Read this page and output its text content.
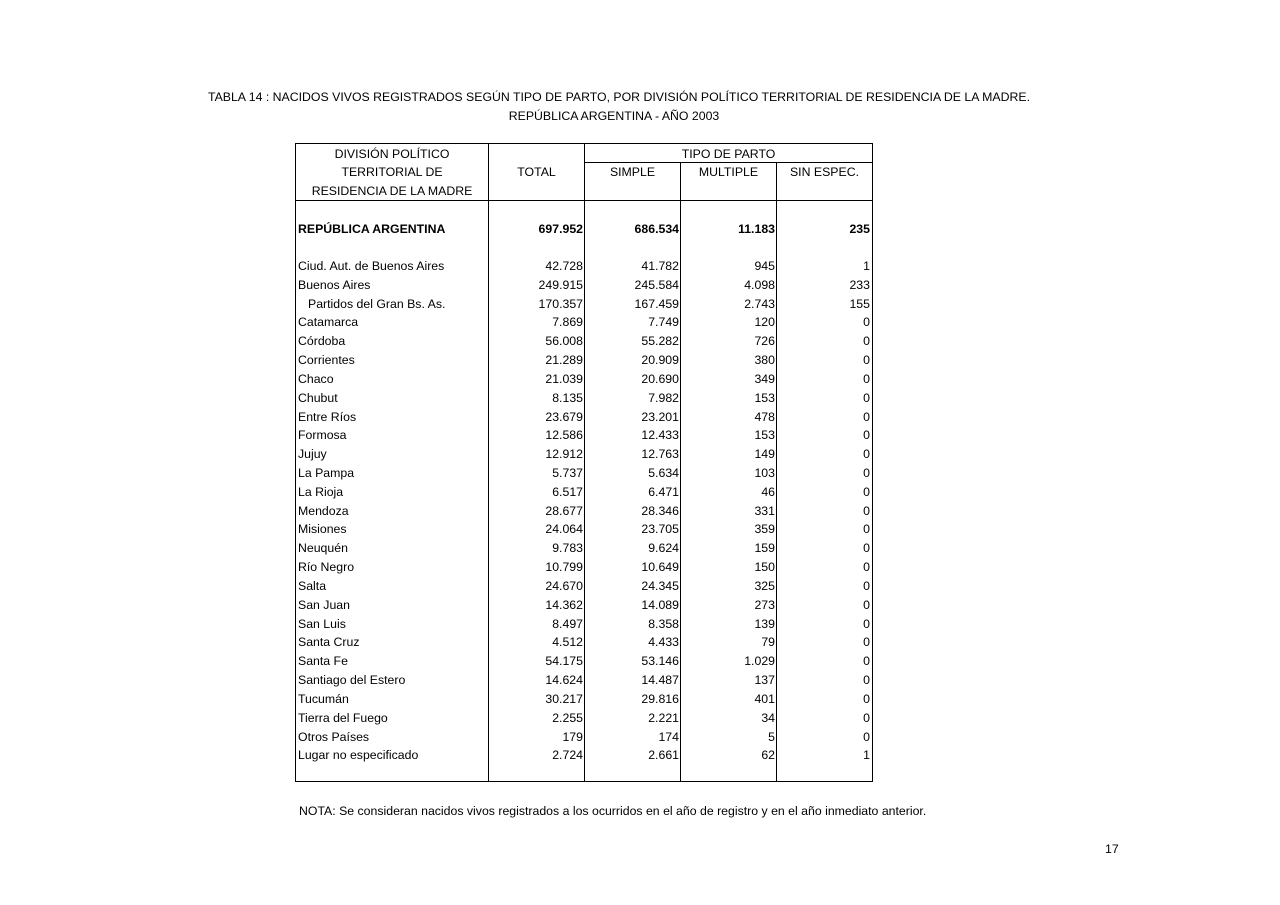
TABLA 14 : NACIDOS VIVOS REGISTRADOS SEGÚN TIPO DE PARTO, POR DIVISIÓN POLÍTICO TERRITORIAL DE RESIDENCIA DE LA MADRE.
REPÚBLICA ARGENTINA - AÑO 2003
DIVISIÓN POLÍTICO
TERRITORIAL DE
RESIDENCIA DE LA MADRE
TOTAL
TIPO DE PARTO
SIMPLE	MULTIPLE	SIN ESPEC.
REPÚBLICA ARGENTINA	697.952	686.534	11.183	235
Ciud. Aut. de Buenos Aires	42.728	41.782	945	1
Buenos Aires	249.915	245.584	4.098	233
Partidos del Gran Bs. As.	170.357	167.459	2.743	155
Catamarca	7.869	7.749	120	0
Córdoba	56.008	55.282	726	0
Corrientes	21.289	20.909	380	0
Chaco	21.039	20.690	349	0
Chubut	8.135	7.982	153	0
Entre Ríos	23.679	23.201	478	0
Formosa	12.586	12.433	153	0
Jujuy	12.912	12.763	149	0
La Pampa	5.737	5.634	103	0
La Rioja	6.517	6.471	46	0
Mendoza	28.677	28.346	331	0
Misiones	24.064	23.705	359	0
Neuquén	9.783	9.624	159	0
Río Negro	10.799	10.649	150	0
Salta	24.670	24.345	325	0
San Juan	14.362	14.089	273	0
San Luis	8.497	8.358	139	0
Santa Cruz	4.512	4.433	79	0
Santa Fe	54.175	53.146	1.029	0
Santiago del Estero	14.624	14.487	137	0
Tucumán	30.217	29.816	401	0
Tierra del Fuego	2.255	2.221	34	0
Otros Países	179	174	5	0
Lugar no especificado	2.724	2.661	62	1
NOTA: Se consideran nacidos vivos registrados a los ocurridos en el año de registro y en el año inmediato anterior.
17
